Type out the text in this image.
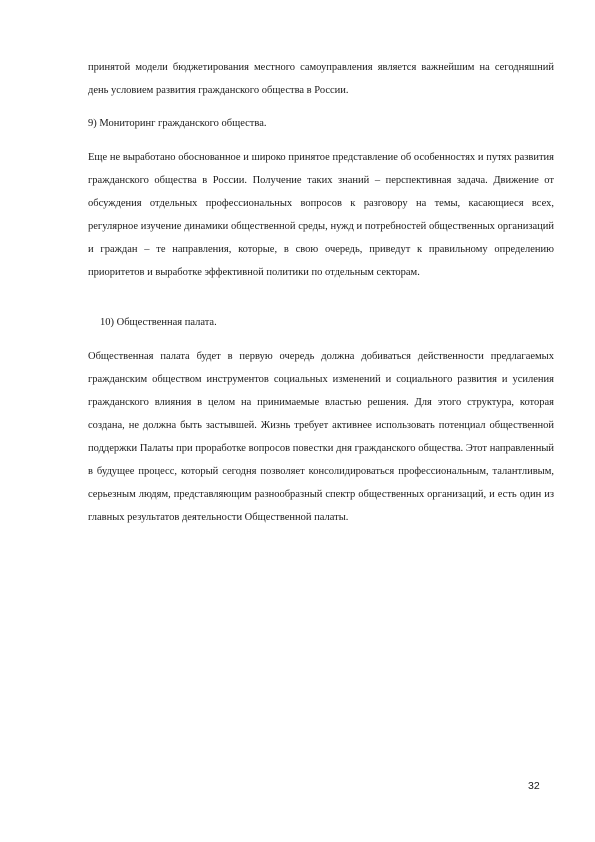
принятой модели бюджетирования местного самоуправления является важнейшим на сегодняшний день условием развития гражданского общества в России.

9) Мониторинг гражданского общества.

Еще не выработано обоснованное и широко принятое представление об особенностях и путях развития гражданского общества в России. Получение таких знаний – перспективная задача. Движение от обсуждения отдельных профессиональных вопросов к разговору на темы, касающиеся всех, регулярное изучение динамики общественной среды, нужд и потребностей общественных организаций и граждан – те направления, которые, в свою очередь, приведут к правильному определению приоритетов и выработке эффективной политики по отдельным секторам.

10) Общественная палата.

Общественная палата будет в первую очередь должна добиваться действенности предлагаемых гражданским обществом инструментов социальных изменений и социального развития и усиления гражданского влияния в целом на принимаемые властью решения. Для этого структура, которая создана, не должна быть застывшей. Жизнь требует активнее использовать потенциал общественной поддержки Палаты при проработке вопросов повестки дня гражданского общества. Этот направленный в будущее процесс, который сегодня позволяет консолидироваться профессиональным, талантливым, серьезным людям, представляющим разнообразный спектр общественных организаций, и есть один из главных результатов деятельности Общественной палаты.

32
